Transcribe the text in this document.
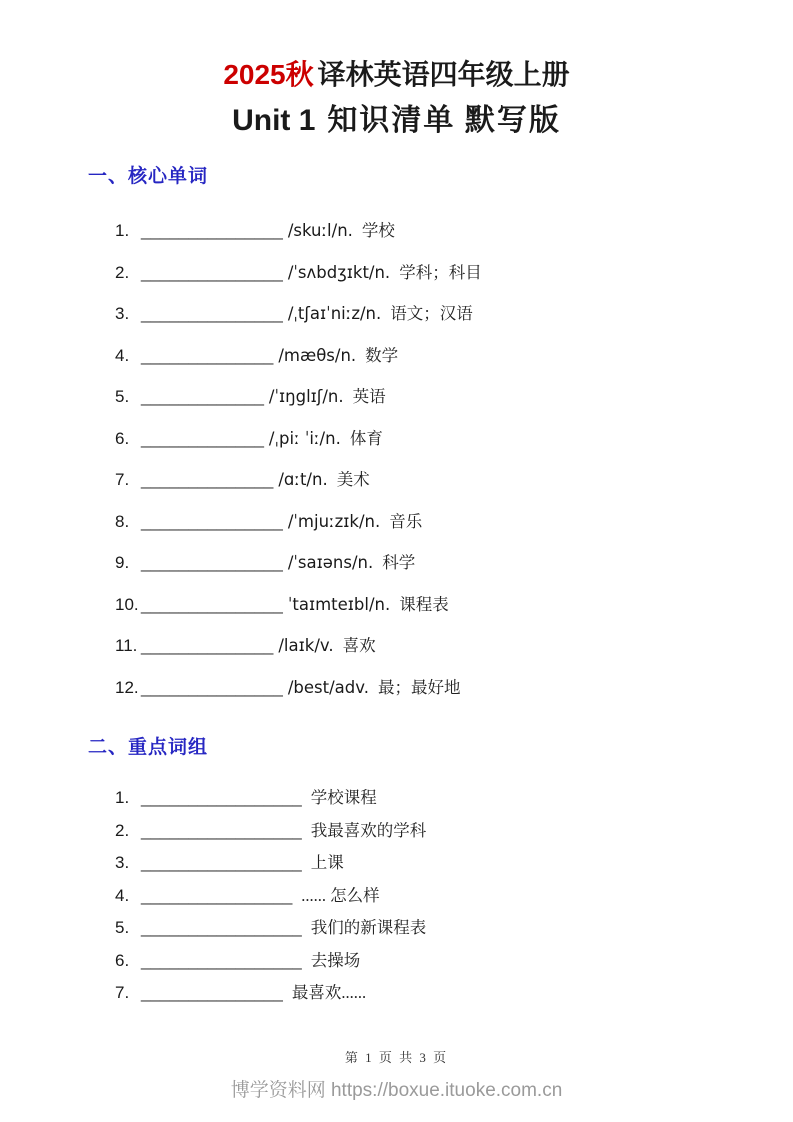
2025秋 译林英语四年级上册
Unit 1 知识清单 默写版
一、核心单词
1. _______________ /skuːl/n. 学校
2. _______________ /ˈsʌbdʒɪkt/n. 学科；科目
3. _______________ /ˌtʃaɪˈniːz/n. 语文；汉语
4. ______________ /mæθs/n. 数学
5. _____________ /ˈɪŋglɪʃ/n. 英语
6. _____________ /ˌpiː ˈiː/n. 体育
7. ______________ /ɑːt/n. 美术
8. _______________ /ˈmjuːzɪk/n. 音乐
9. _______________ /ˈsaɪəns/n. 科学
10. _______________ ˈtaɪmteɪbl/n. 课程表
11. ______________ /laɪk/v. 喜欢
12. _______________ /best/adv. 最；最好地
二、重点词组
1. _________________ 学校课程
2. _________________ 我最喜欢的学科
3. _________________ 上课
4. ________________ ...... 怎么样
5. _________________ 我们的新课程表
6. _________________ 去操场
7. _______________ 最喜欢......
第 1 页 共 3 页
博学资料网 https://boxue.ituoke.com.cn
